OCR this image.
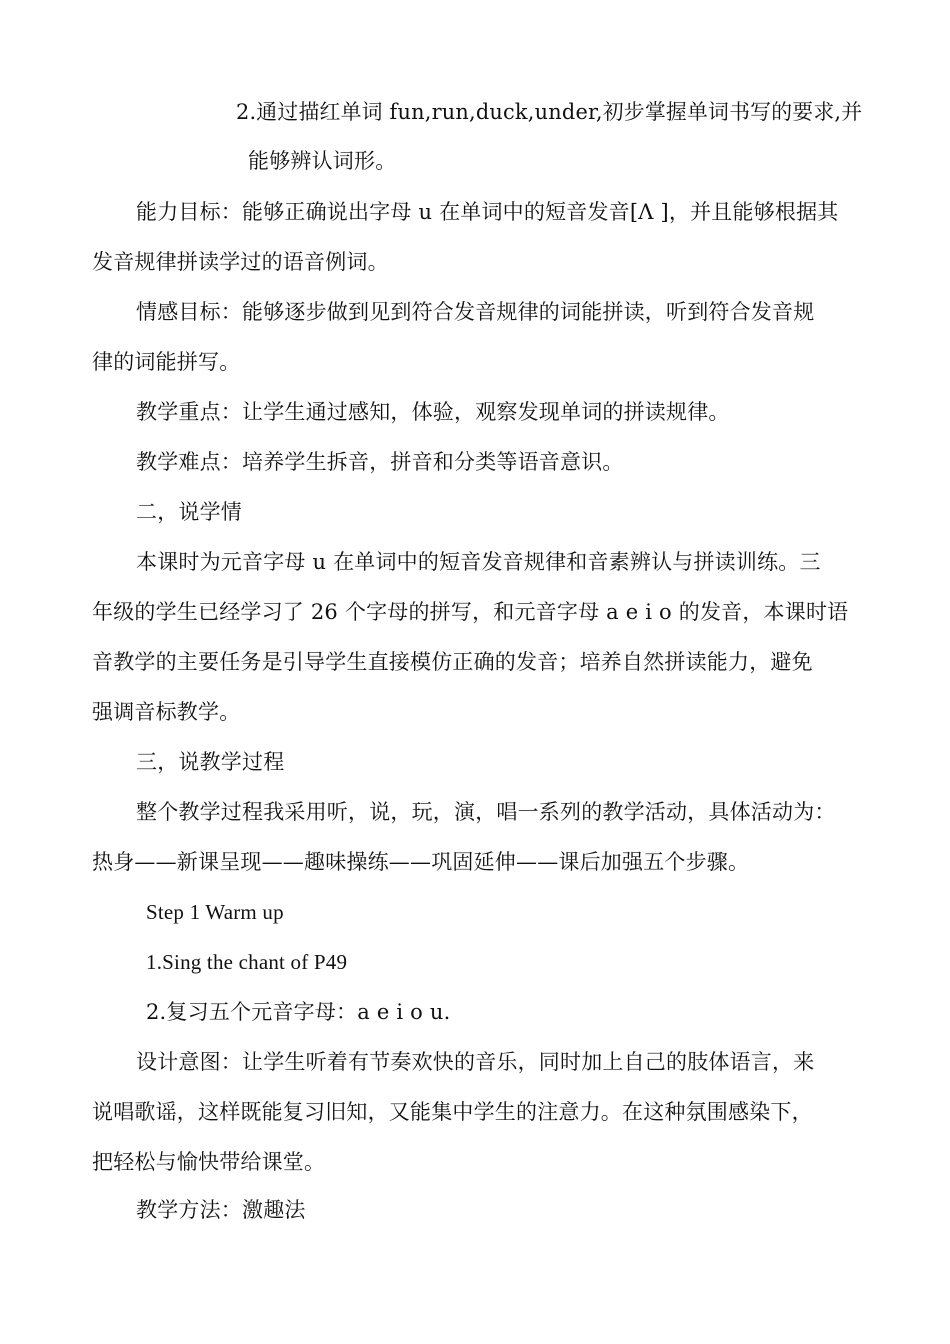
2.通过描红单词 fun,run,duck,under,初步掌握单词书写的要求,并
能够辨认词形。
能力目标：能够正确说出字母 u 在单词中的短音发音[Λ ]，并且能够根据其
发音规律拼读学过的语音例词。
情感目标：能够逐步做到见到符合发音规律的词能拼读，听到符合发音规
律的词能拼写。
教学重点：让学生通过感知，体验，观察发现单词的拼读规律。
教学难点：培养学生拆音，拼音和分类等语音意识。
二，说学情
本课时为元音字母 u 在单词中的短音发音规律和音素辨认与拼读训练。三
年级的学生已经学习了 26 个字母的拼写，和元音字母 a e i o 的发音，本课时语
音教学的主要任务是引导学生直接模仿正确的发音；培养自然拼读能力，避免
强调音标教学。
三，说教学过程
整个教学过程我采用听，说，玩，演，唱一系列的教学活动，具体活动为：
热身——新课呈现——趣味操练——巩固延伸——课后加强五个步骤。
Step 1 Warm up
1.Sing the chant of P49
2.复习五个元音字母：a e i o u.
设计意图：让学生听着有节奏欢快的音乐，同时加上自己的肢体语言，来
说唱歌谣，这样既能复习旧知，又能集中学生的注意力。在这种氛围感染下，
把轻松与愉快带给课堂。
教学方法：激趣法
